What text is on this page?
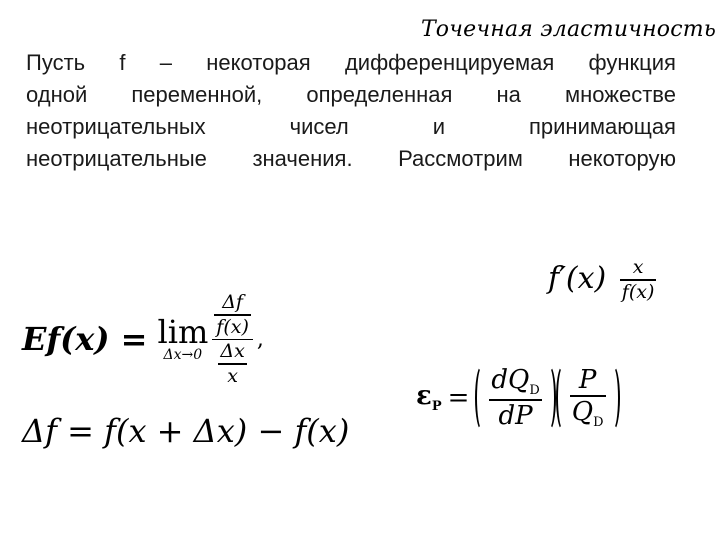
Точечная эластичность
Пусть f – некоторая дифференцируемая функция
одной переменной, определенная на множестве
неотрицательных	чисел	и	принимающая
неотрицательные значения. Рассмотрим некоторую
$f'(x) \frac{x}{f(x)}$
Ef(x) = lim
$\Delta x\to 0 \frac{\frac{\Delta f}{f(x)}}{\frac{\Delta x}{x}}$ ,
Δf = f(x + Δx) − f(x)
$\varepsilon_P = \frac{dQ_D}{dP} \frac{P}{Q_D}$
